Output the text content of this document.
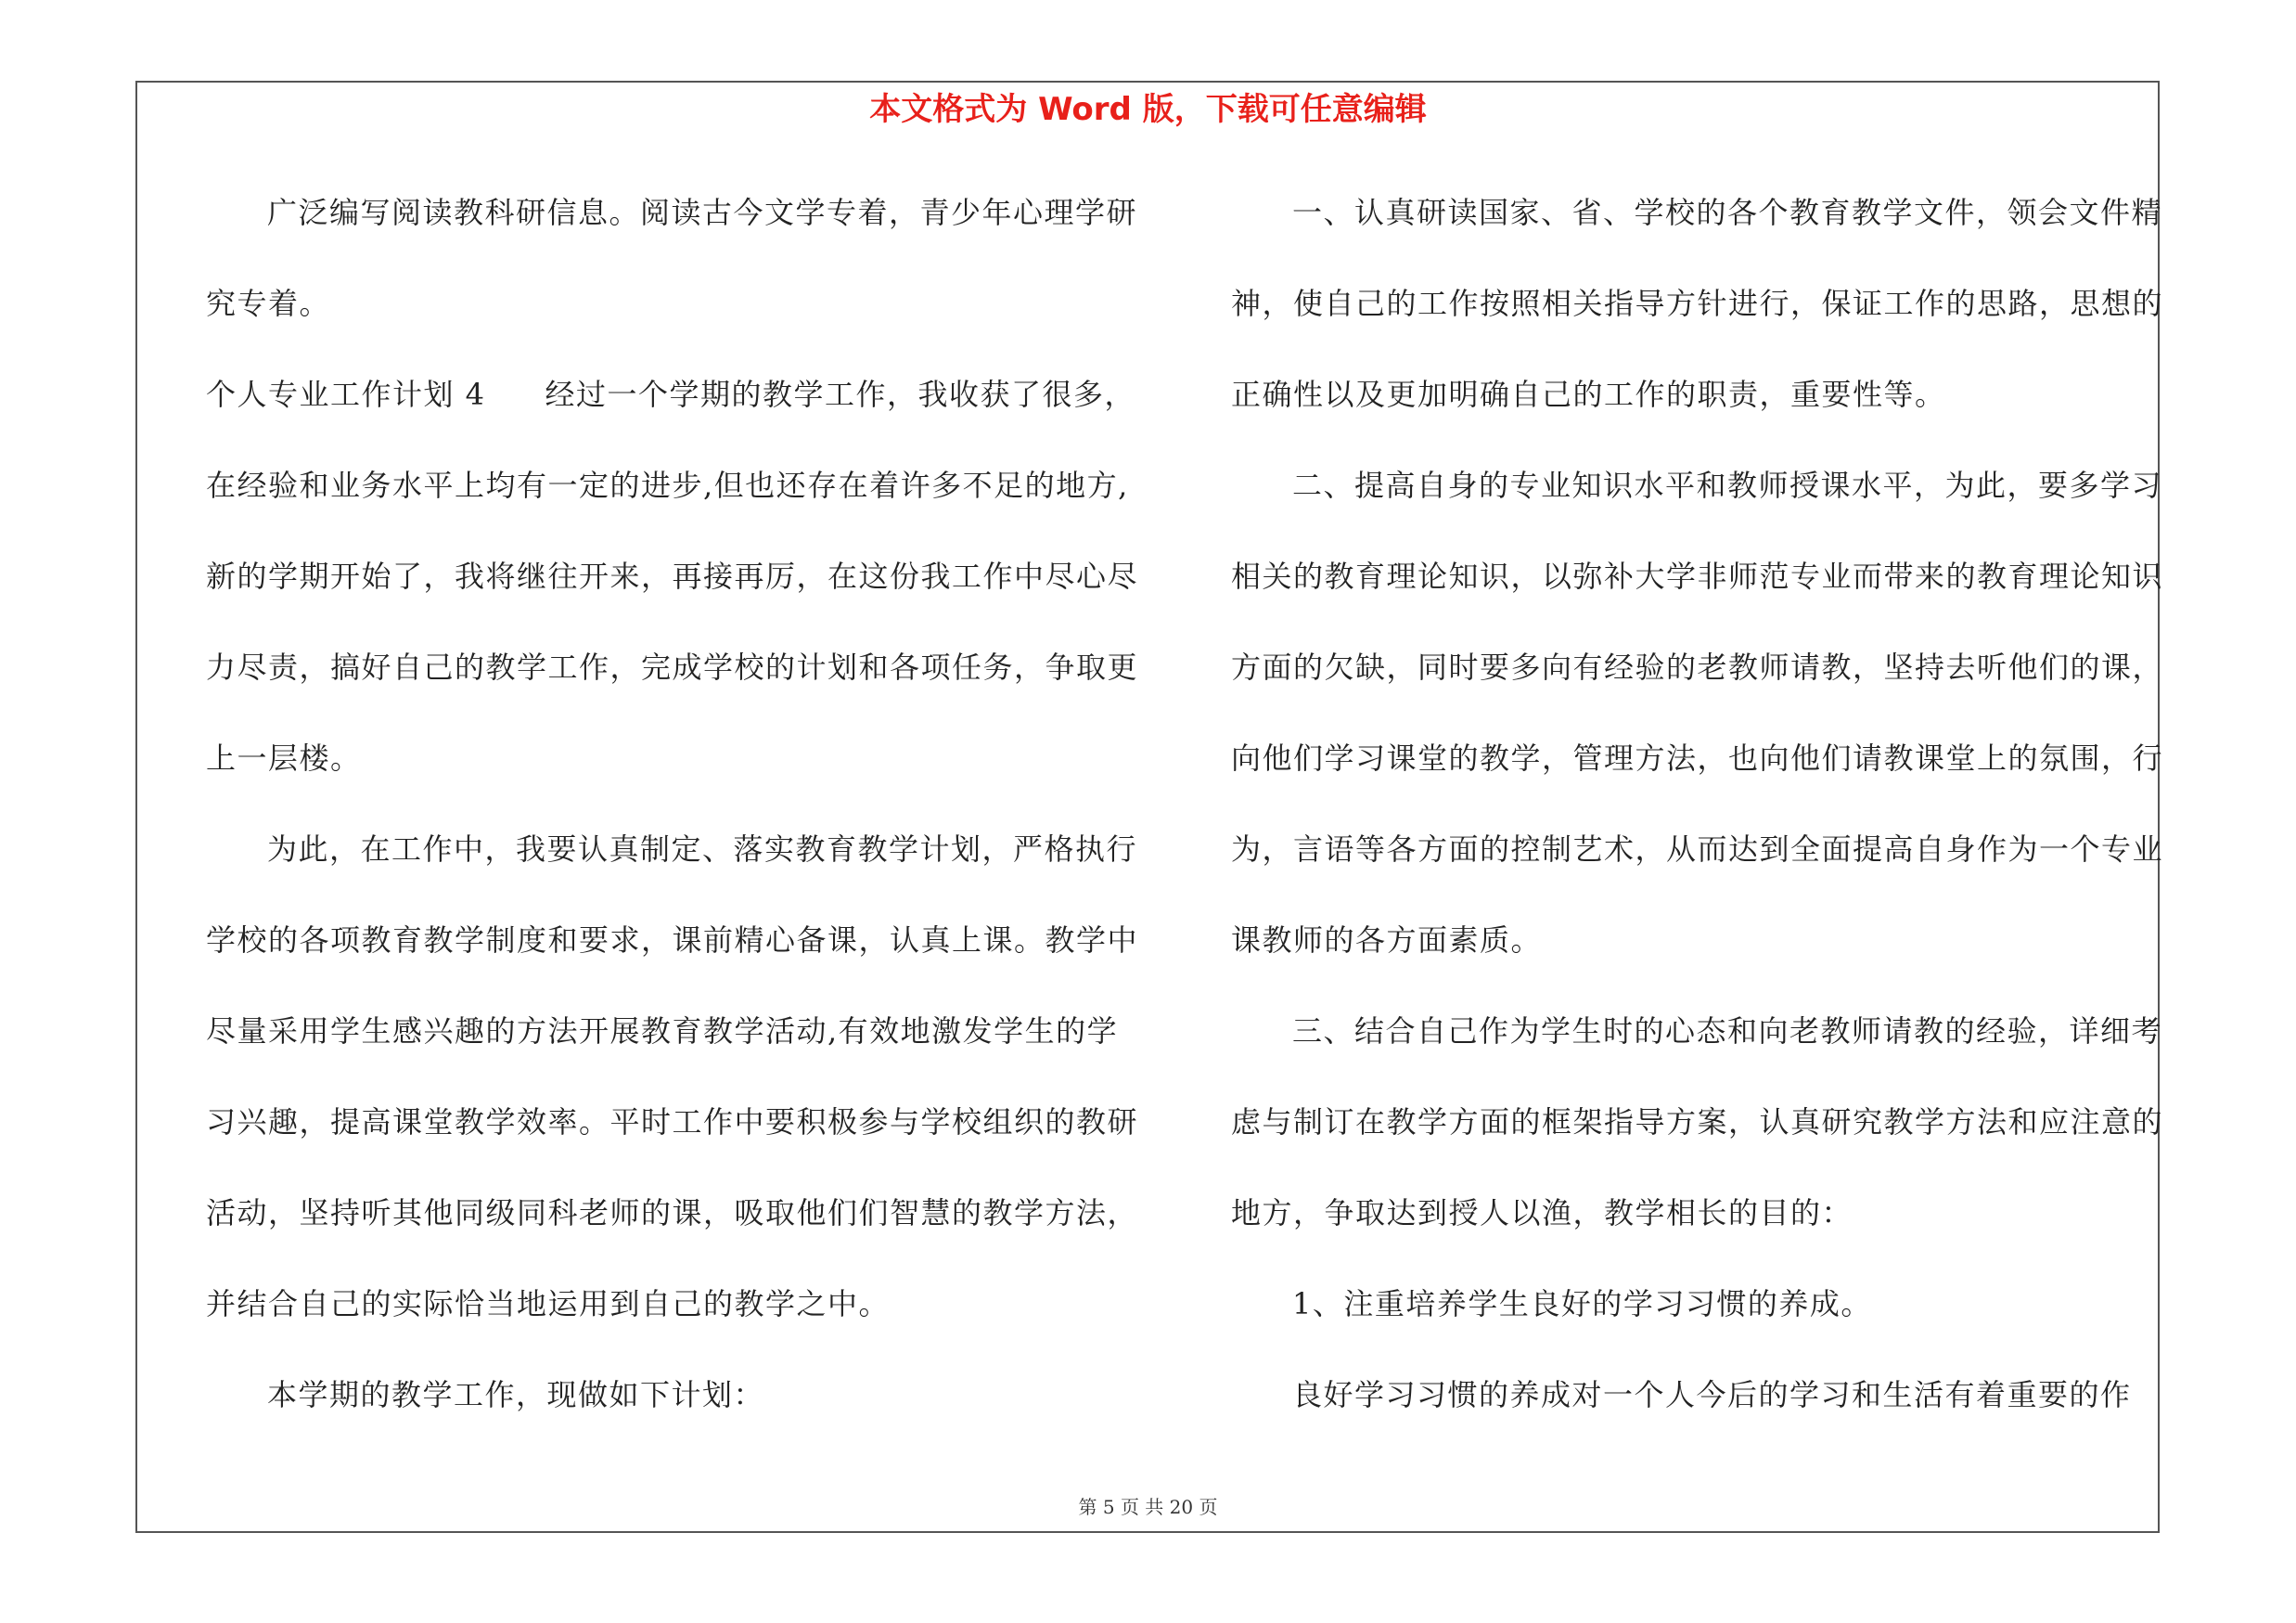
本文格式为 Word 版，下载可任意编辑
广泛编写阅读教科研信息。阅读古今文学专着，青少年心理学研
究专着。
个人专业工作计划 4 经过一个学期的教学工作，我收获了很多，
在经验和业务水平上均有一定的进步,但也还存在着许多不足的地方,
新的学期开始了，我将继往开来，再接再厉，在这份我工作中尽心尽
力尽责，搞好自己的教学工作，完成学校的计划和各项任务，争取更
上一层楼。
为此，在工作中，我要认真制定、落实教育教学计划，严格执行
学校的各项教育教学制度和要求，课前精心备课，认真上课。教学中
尽量采用学生感兴趣的方法开展教育教学活动,有效地激发学生的学
习兴趣，提高课堂教学效率。平时工作中要积极参与学校组织的教研
活动，坚持听其他同级同科老师的课，吸取他们们智慧的教学方法，
并结合自己的实际恰当地运用到自己的教学之中。
本学期的教学工作，现做如下计划：
一、认真研读国家、省、学校的各个教育教学文件，领会文件精
神，使自己的工作按照相关指导方针进行，保证工作的思路，思想的
正确性以及更加明确自己的工作的职责，重要性等。
二、提高自身的专业知识水平和教师授课水平，为此，要多学习
相关的教育理论知识，以弥补大学非师范专业而带来的教育理论知识
方面的欠缺，同时要多向有经验的老教师请教，坚持去听他们的课，
向他们学习课堂的教学，管理方法，也向他们请教课堂上的氛围，行
为，言语等各方面的控制艺术，从而达到全面提高自身作为一个专业
课教师的各方面素质。
三、结合自己作为学生时的心态和向老教师请教的经验，详细考
虑与制订在教学方面的框架指导方案，认真研究教学方法和应注意的
地方，争取达到授人以渔，教学相长的目的：
1、注重培养学生良好的学习习惯的养成。
良好学习习惯的养成对一个人今后的学习和生活有着重要的作
第 5 页 共 20 页
